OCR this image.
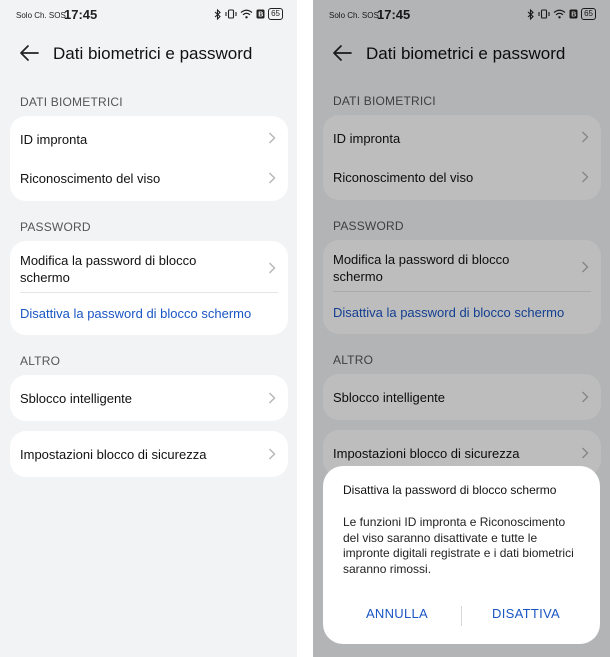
Solo Ch. SOS
17:45	B 65
Dati biometrici e password
DATI BIOMETRICI
ID impronta
Riconoscimento del viso
PASSWORD
Modifica la password di blocco
schermo
Disattiva la password di blocco schermo
ALTRO
Sblocco intelligente
Impostazioni blocco di sicurezza
Solo Ch. SOS
17:45	B 65
Dati biometrici e password
DATI BIOMETRICI
ID impronta
Riconoscimento del viso
PASSWORD
Modifica la password di blocco
schermo
Disattiva la password di blocco schermo
ALTRO
Sblocco intelligente
Impostazioni blocco di sicurezza
Disattiva la password di blocco schermo
Le funzioni ID impronta e Riconoscimento del viso saranno disattivate e tutte le impronte digitali registrate e i dati biometrici saranno rimossi.
ANNULLA	DISATTIVA
